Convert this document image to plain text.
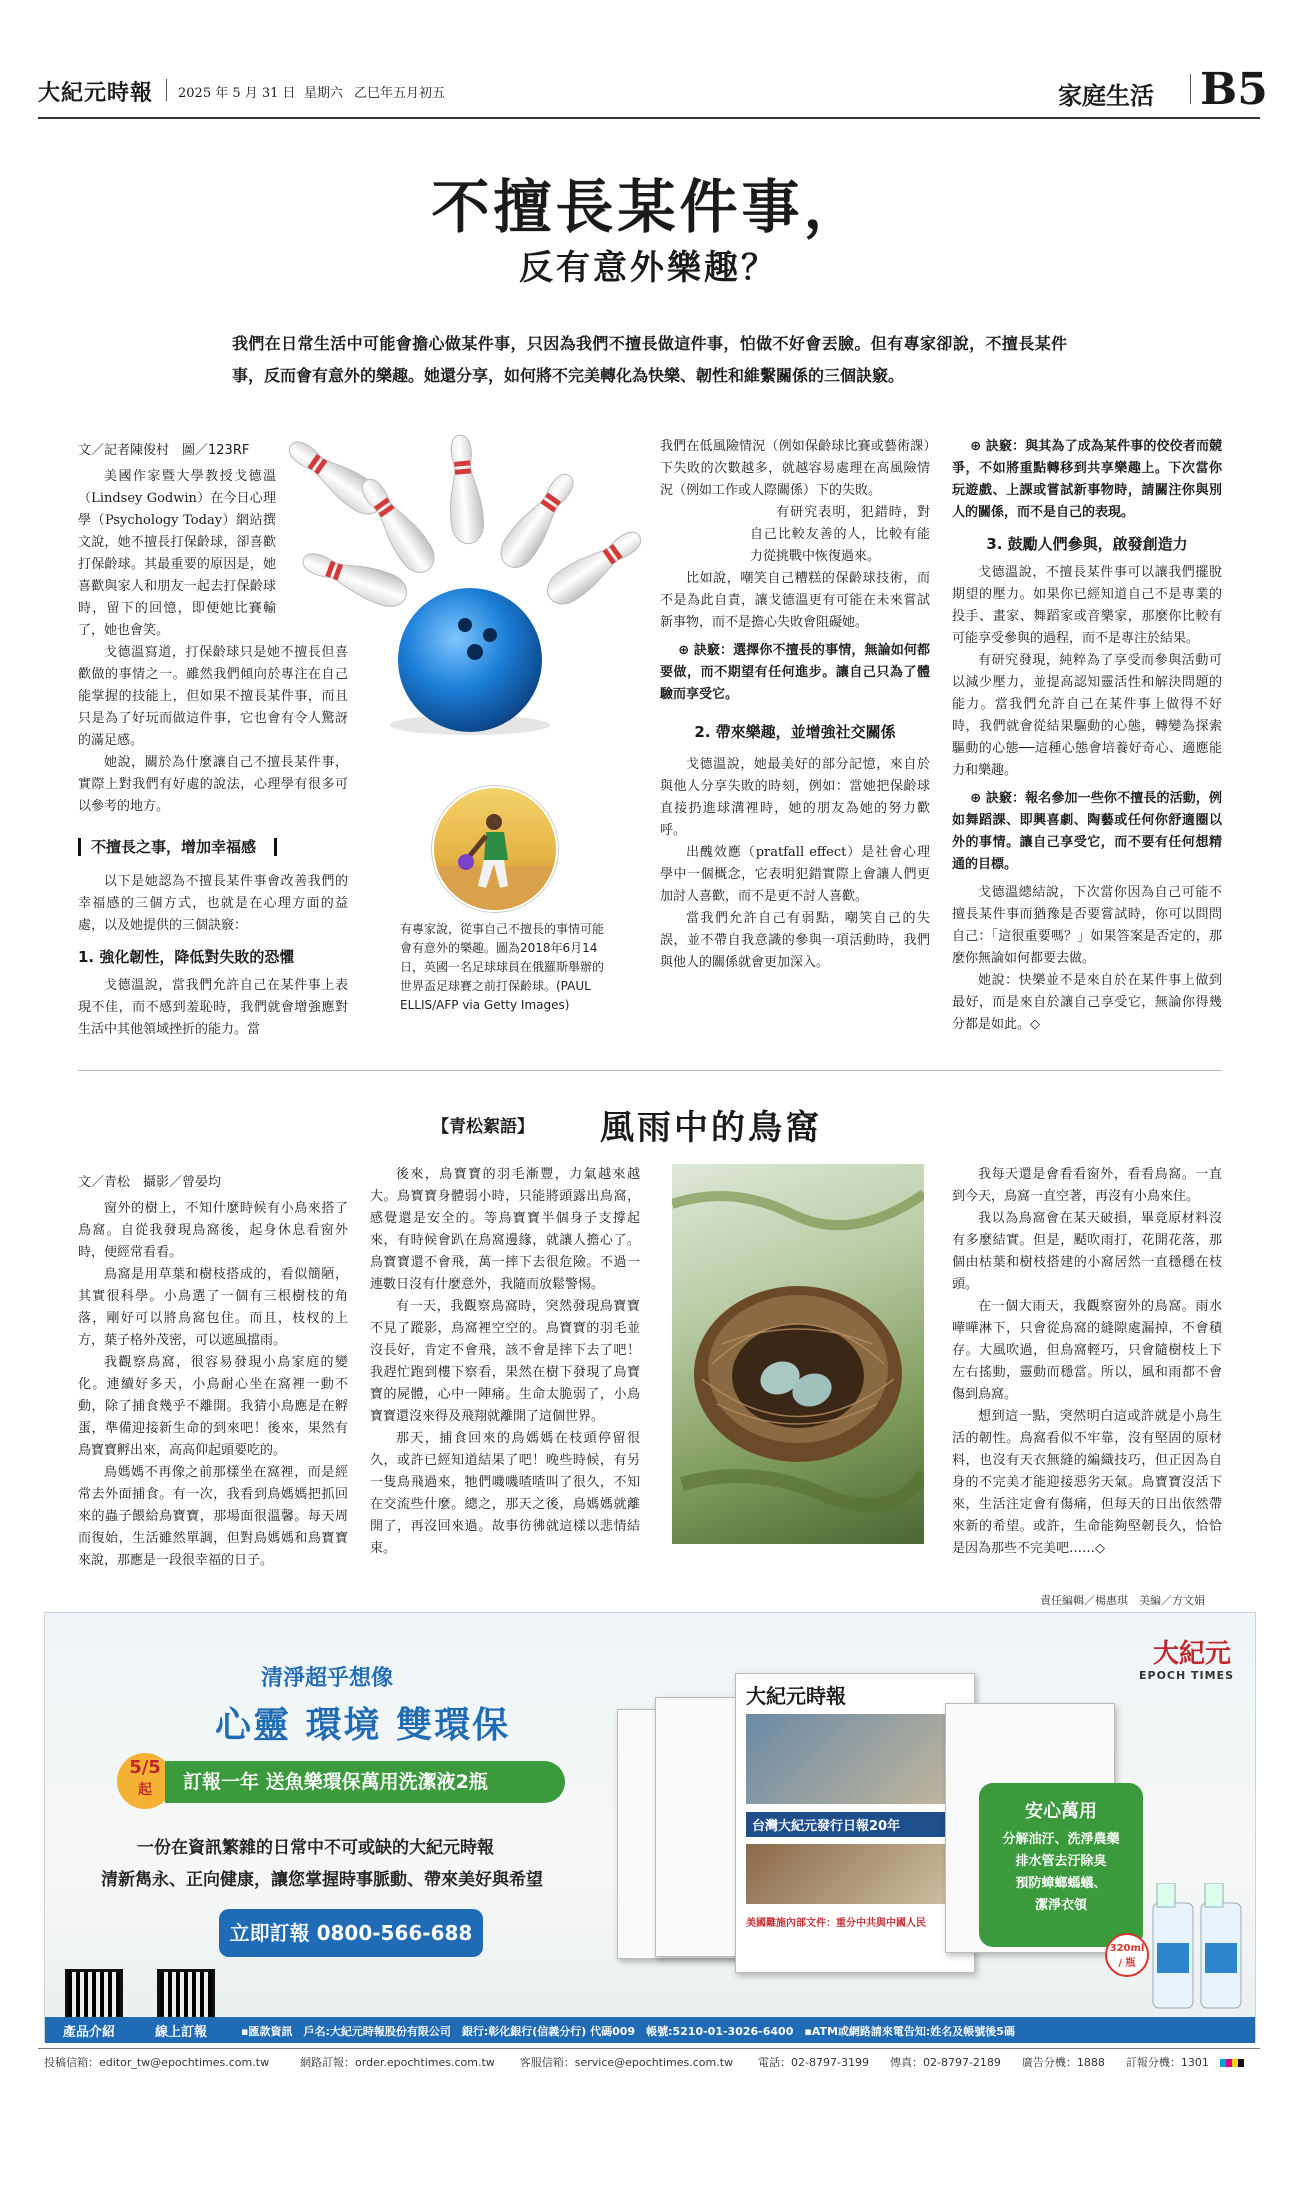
大紀元時報 2025 年 5 月 31 日 星期六 乙巳年五月初五	家庭生活 B5
不擅長某件事，
反有意外樂趣？
我們在日常生活中可能會擔心做某件事，只因為我們不擅長做這件事，怕做不好會丟臉。但有專家卻說，不擅長某件事，反而會有意外的樂趣。她還分享，如何將不完美轉化為快樂、韌性和維繫關係的三個訣竅。

文／記者陳俊村　圖／123RF

美國作家暨大學教授戈德溫（Lindsey Godwin）在今日心理學（Psychology Today）網站撰文說，她不擅長打保齡球，卻喜歡打保齡球。其最重要的原因是，她喜歡與家人和朋友一起去打保齡球時，留下的回憶，即便她比賽輸了，她也會笑。

戈德溫寫道，打保齡球只是她不擅長但喜歡做的事情之一。雖然我們傾向於專注在自己能掌握的技能上，但如果不擅長某件事，而且只是為了好玩而做這件事，它也會有令人驚訝的滿足感。

她說，關於為什麼讓自己不擅長某件事，實際上對我們有好處的說法，心理學有很多可以參考的地方。

不擅長之事，增加幸福感

以下是她認為不擅長某件事會改善我們的幸福感的三個方式，也就是在心理方面的益處，以及她提供的三個訣竅：

1. 強化韌性，降低對失敗的恐懼

戈德溫說，當我們允許自己在某件事上表現不佳，而不感到羞恥時，我們就會增強應對生活中其他領域挫折的能力。當

有專家說，從事自己不擅長的事情可能會有意外的樂趣。圖為2018年6月14日，英國一名足球球員在俄羅斯舉辦的世界盃足球賽之前打保齡球。(PAUL ELLIS/AFP via Getty Images)

我們在低風險情況（例如保齡球比賽或藝術課）下失敗的次數越多，就越容易處理在高風險情況（例如工作或人際關係）下的失敗。

有研究表明，犯錯時，對自己比較友善的人，比較有能力從挑戰中恢復過來。

比如說，嘲笑自己糟糕的保齡球技術，而不是為此自責，讓戈德溫更有可能在未來嘗試新事物，而不是擔心失敗會阻礙她。

⊕ 訣竅：選擇你不擅長的事情，無論如何都要做，而不期望有任何進步。讓自己只為了體驗而享受它。

2. 帶來樂趣，並增強社交關係

戈德溫說，她最美好的部分記憶，來自於與他人分享失敗的時刻，例如：當她把保齡球直接扔進球溝裡時，她的朋友為她的努力歡呼。

出醜效應（pratfall effect）是社會心理學中一個概念，它表明犯錯實際上會讓人們更加討人喜歡，而不是更不討人喜歡。

當我們允許自己有弱點，嘲笑自己的失誤，並不帶自我意識的參與一項活動時，我們與他人的關係就會更加深入。

⊕ 訣竅：與其為了成為某件事的佼佼者而競爭，不如將重點轉移到共享樂趣上。下次當你玩遊戲、上課或嘗試新事物時，請關注你與別人的關係，而不是自己的表現。

3. 鼓勵人們參與，啟發創造力

戈德溫說，不擅長某件事可以讓我們擺脫期望的壓力。如果你已經知道自己不是專業的投手、畫家、舞蹈家或音樂家，那麼你比較有可能享受參與的過程，而不是專注於結果。

有研究發現，純粹為了享受而參與活動可以減少壓力，並提高認知靈活性和解決問題的能力。當我們允許自己在某件事上做得不好時，我們就會從結果驅動的心態，轉變為探索驅動的心態──這種心態會培養好奇心、適應能力和樂趣。

⊕ 訣竅：報名參加一些你不擅長的活動，例如舞蹈課、即興喜劇、陶藝或任何你舒適圈以外的事情。讓自己享受它，而不要有任何想精通的目標。

戈德溫總結說，下次當你因為自己可能不擅長某件事而猶豫是否要嘗試時，你可以問問自己：「這很重要嗎？」如果答案是否定的，那麼你無論如何都要去做。

她說：快樂並不是來自於在某件事上做到最好，而是來自於讓自己享受它，無論你得幾分都是如此。◇

【青松絮語】 風雨中的鳥窩

文／青松　攝影／曾晏均

窗外的樹上，不知什麼時候有小鳥來搭了鳥窩。自從我發現鳥窩後，起身休息看窗外時，便經常看看。

鳥窩是用草葉和樹枝搭成的，看似簡陋，其實很科學。小鳥選了一個有三根樹枝的角落，剛好可以將鳥窩包住。而且，枝杈的上方，葉子格外茂密，可以遮風擋雨。

我觀察鳥窩，很容易發現小鳥家庭的變化。連續好多天，小鳥耐心坐在窩裡一動不動，除了捕食幾乎不離開。我猜小鳥應是在孵蛋，準備迎接新生命的到來吧！後來，果然有鳥寶寶孵出來，高高仰起頭要吃的。

鳥媽媽不再像之前那樣坐在窩裡，而是經常去外面捕食。有一次，我看到鳥媽媽把抓回來的蟲子餵給鳥寶寶，那場面很溫馨。每天周而復始，生活雖然單調，但對鳥媽媽和鳥寶寶來說，那應是一段很幸福的日子。

後來，鳥寶寶的羽毛漸豐，力氣越來越大。鳥寶寶身體弱小時，只能將頭露出鳥窩，感覺還是安全的。等鳥寶寶半個身子支撐起來，有時候會趴在鳥窩邊緣，就讓人擔心了。鳥寶寶還不會飛，萬一摔下去很危險。不過一連數日沒有什麼意外，我隨而放鬆警惕。

有一天，我觀察鳥窩時，突然發現鳥寶寶不見了蹤影，鳥窩裡空空的。鳥寶寶的羽毛並沒長好，肯定不會飛，該不會是摔下去了吧！我趕忙跑到樓下察看，果然在樹下發現了鳥寶寶的屍體，心中一陣痛。生命太脆弱了，小鳥寶寶還沒來得及飛翔就離開了這個世界。

那天，捕食回來的鳥媽媽在枝頭停留很久，或許已經知道結果了吧！晚些時候，有另一隻鳥飛過來，牠們嘰嘰喳喳叫了很久，不知在交流些什麼。總之，那天之後，鳥媽媽就離開了，再沒回來過。故事彷彿就這樣以悲情結束。

我每天還是會看看窗外，看看鳥窩。一直到今天，鳥窩一直空著，再沒有小鳥來住。

我以為鳥窩會在某天破損，畢竟原材料沒有多麼結實。但是，颳吹雨打，花開花落，那個由枯葉和樹枝搭建的小窩居然一直穩穩在枝頭。

在一個大雨天，我觀察窗外的鳥窩。雨水嘩嘩淋下，只會從鳥窩的縫隙處漏掉，不會積存。大風吹過，但鳥窩輕巧，只會隨樹枝上下左右搖動，靈動而穩當。所以，風和雨都不會傷到鳥窩。

想到這一點，突然明白這或許就是小鳥生活的韌性。鳥窩看似不牢靠，沒有堅固的原材料，也沒有天衣無縫的編織技巧，但正因為自身的不完美才能迎接惡劣天氣。鳥寶寶沒活下來，生活注定會有傷痛，但每天的日出依然帶來新的希望。或許，生命能夠堅韌長久，恰恰是因為那些不完美吧……◇

責任編輯／楊惠琪　美編／方文娟
大紀元
EPOCH TIMES
清淨超乎想像
心靈 環境 雙環保
5/5
起	訂報一年 送魚樂環保萬用洗潔液2瓶
一份在資訊繁雜的日常中不可或缺的大紀元時報
清新雋永、正向健康，讓您掌握時事脈動、帶來美好與希望
立即訂報 0800-566-688
大紀元時報
台灣大紀元發行日報20年
美國難施內部文件：重分中共與中國人民
安心萬用
分解油汙、洗淨農藥
排水管去汙除臭
預防蟑螂螞蟻、
潔淨衣領
320ml
/ 瓶
產品介紹	線上訂報	▪匯款資訊　戶名:大紀元時報股份有限公司　銀行:彰化銀行(信義分行) 代碼009　帳號:5210-01-3026-6400　▪ATM或網路請來電告知:姓名及帳號後5碼
投稿信箱：editor_tw@epochtimes.com.tw	網路訂報：order.epochtimes.com.tw 客服信箱：service@epochtimes.com.tw 電話：02-8797-3199 傳真：02-8797-2189 廣告分機：1888 訂報分機：1301
